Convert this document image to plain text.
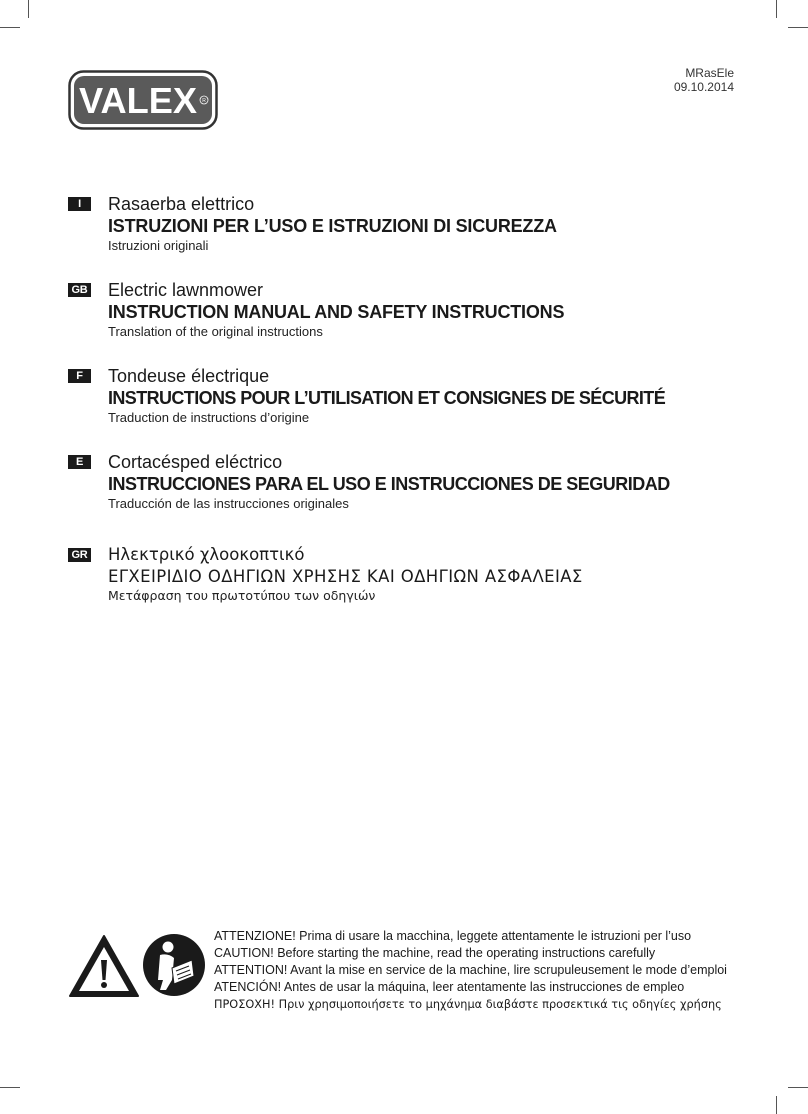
VALEX R
MRasEle
09.10.2014
I	Rasaerba elettrico
ISTRUZIONI PER L’USO E ISTRUZIONI DI SICUREZZA
Istruzioni originali
GB Electric lawnmower
INSTRUCTION MANUAL AND SAFETY INSTRUCTIONS
Translation of the original instructions
F	Tondeuse électrique
INSTRUCTIONS POUR L’UTILISATION ET CONSIGNES DE SÉCURITÉ
Traduction de instructions d’origine
E	Cortacésped eléctrico
INSTRUCCIONES PARA EL USO E INSTRUCCIONES DE SEGURIDAD
Traducción de las instrucciones originales
GR Ηλεκτρικό χλοοκοπτικό
ΕΓΧΕΙΡΙΔΙΟ ΟΔΗΓΙΩΝ ΧΡΗΣΗΣ ΚΑΙ ΟΔΗΓΙΩΝ ΑΣΦΑΛΕΙΑΣ
Μετάφραση του πρωτοτύπου των οδηγιών
ATTENZIONE! Prima di usare la macchina, leggete attentamente le istruzioni per l’uso
CAUTION! Before starting the machine, read the operating instructions carefully
ATTENTION! Avant la mise en service de la machine, lire scrupuleusement le mode d’emploi
ATENCIÓN! Antes de usar la máquina, leer atentamente las instrucciones de empleo
ΠΡΟΣΟΧΗ! Πριν χρησιμοποιήσετε το μηχάνημα διαβάστε προσεκτικά τις οδηγίες χρήσης
